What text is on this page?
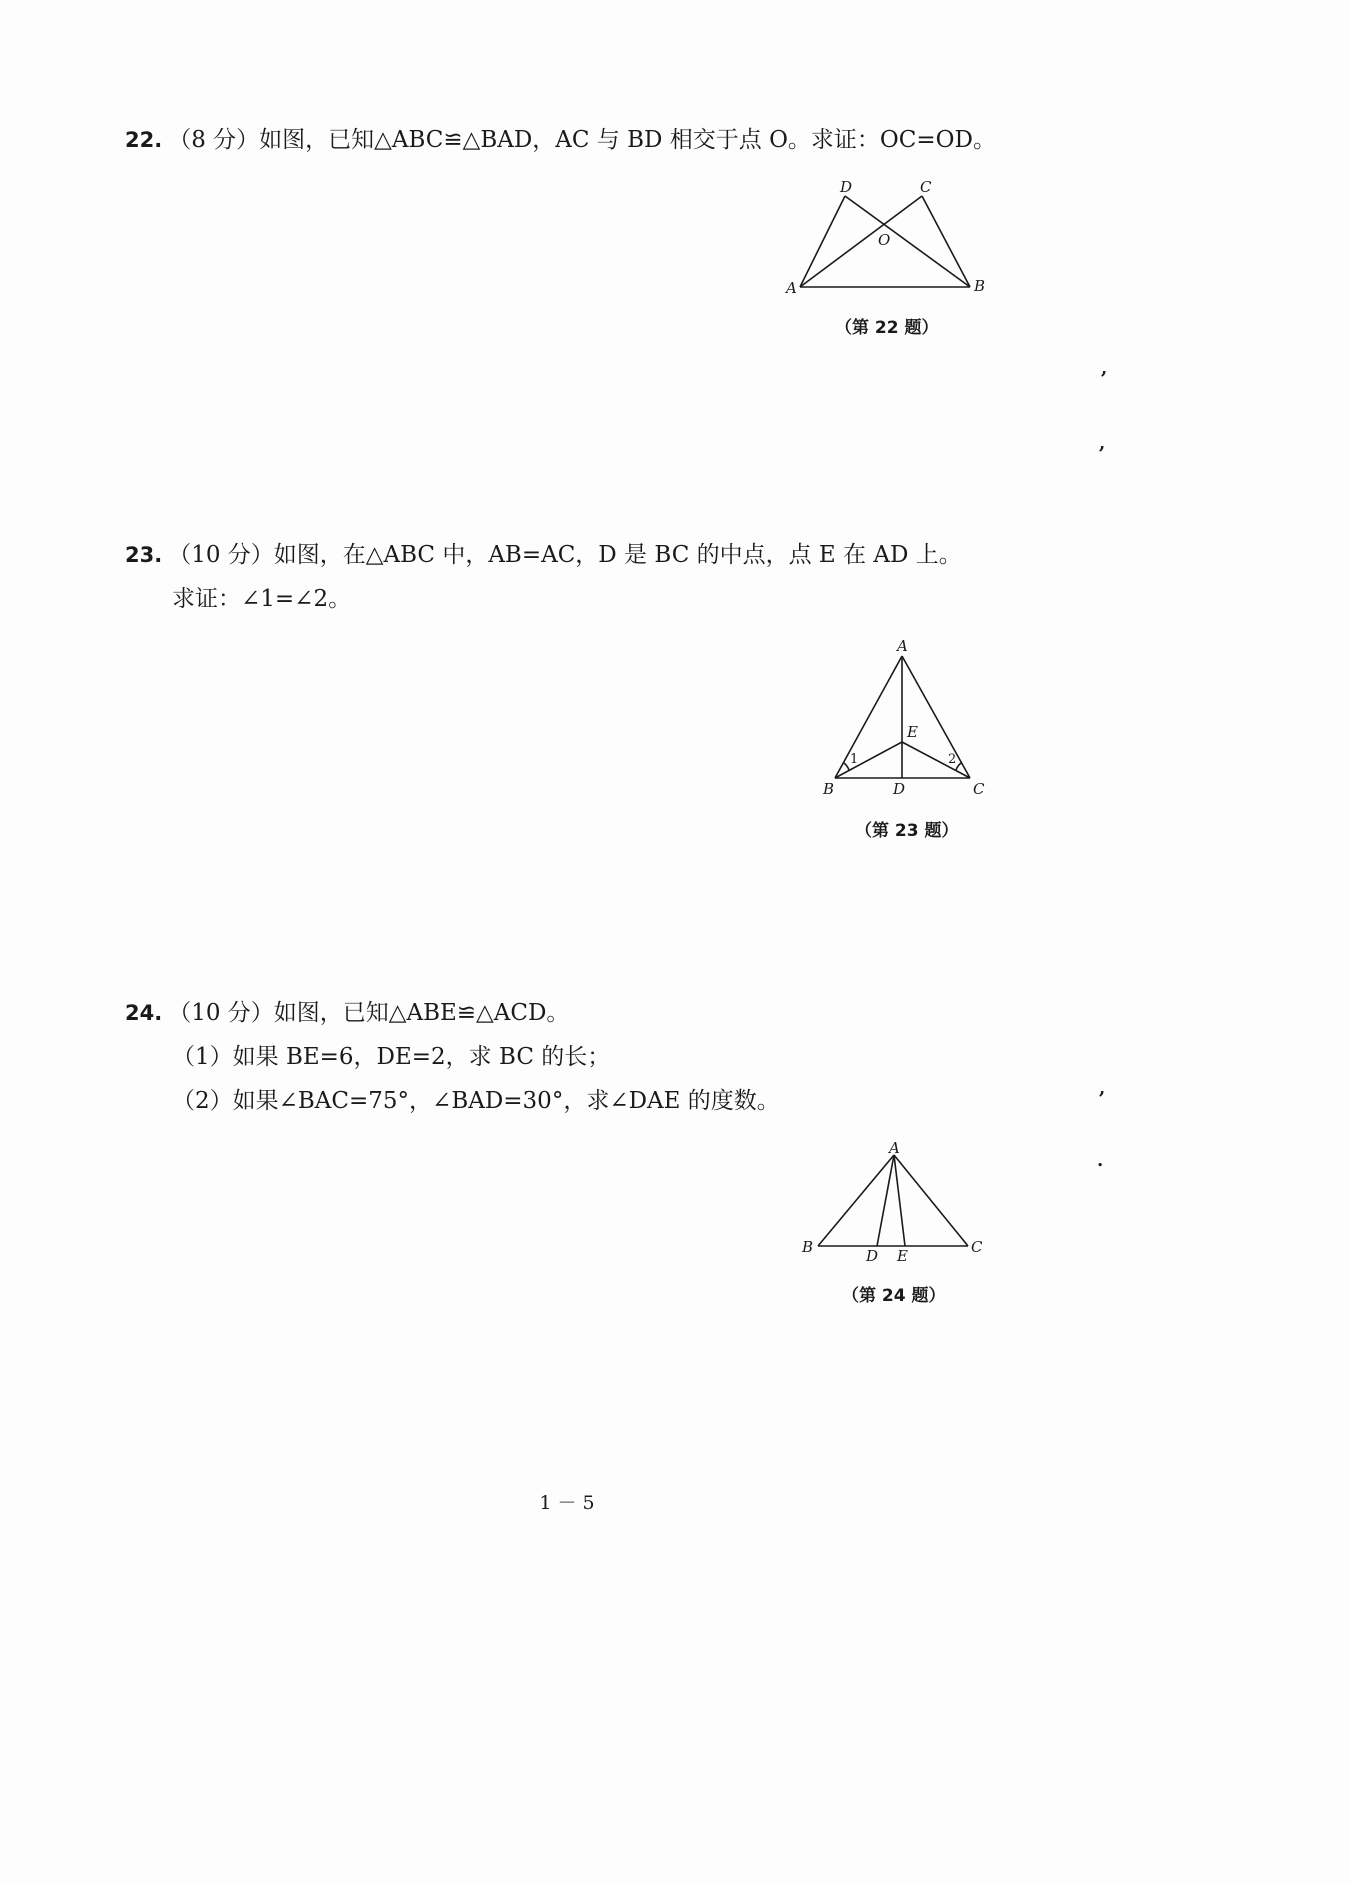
22. （8 分）如图，已知△ABC≌△BAD，AC 与 BD 相交于点 O。求证：OC=OD。
23. （10 分）如图，在△ABC 中，AB=AC，D 是 BC 的中点，点 E 在 AD 上。
求证：∠1=∠2。
24. （10 分）如图，已知△ABE≌△ACD。
（1）如果 BE=6，DE=2，求 BC 的长；
（2）如果∠BAC=75°，∠BAD=30°，求∠DAE 的度数。
D	C
O
A	B
A
E
1	2
B	D	C
A
B	D E	C
（第 22 题）
（第 23 题）
（第 24 题）
,
,
,
.
1 － 5
